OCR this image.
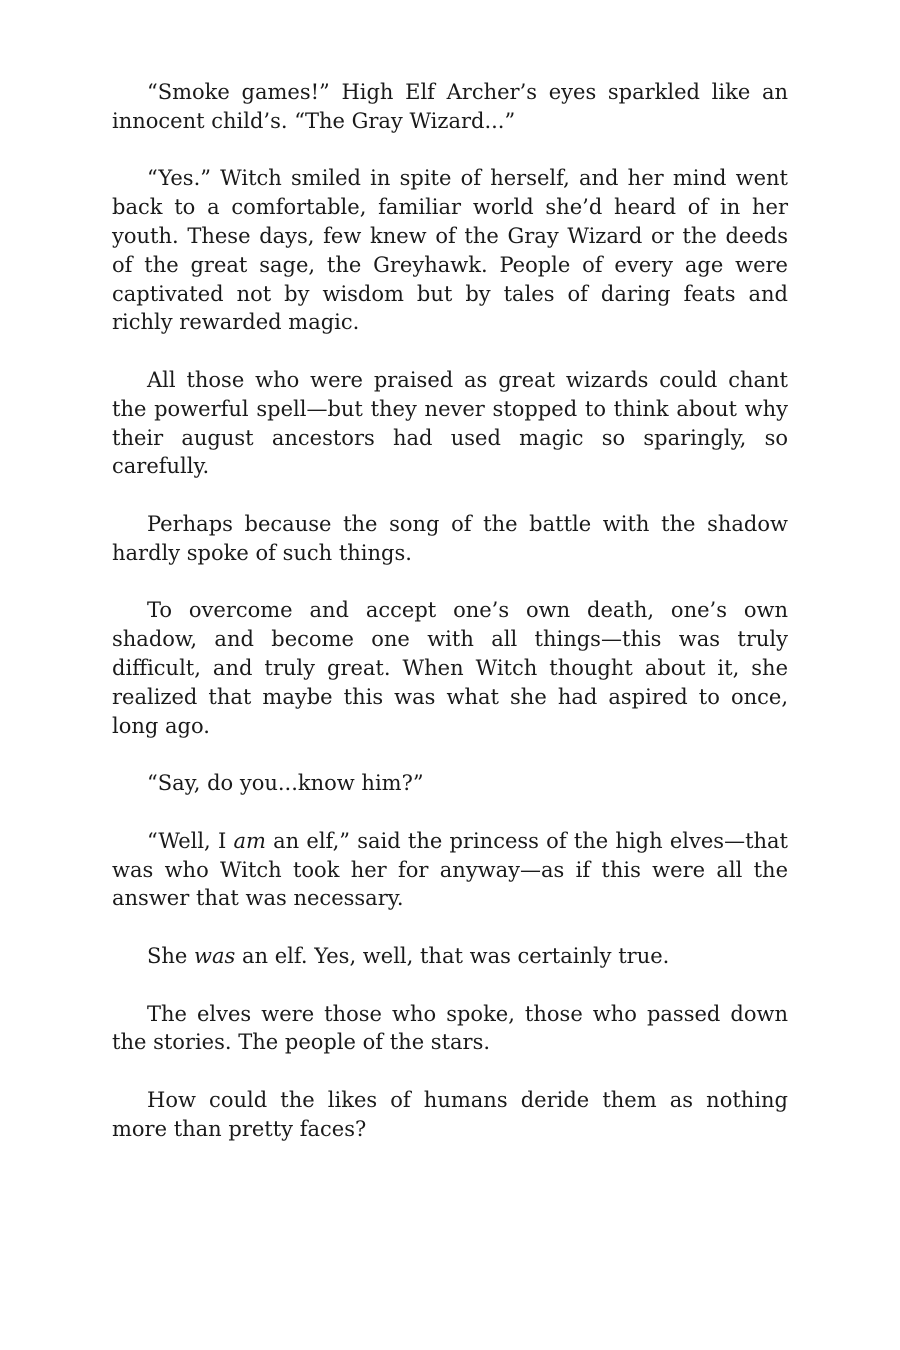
“Smoke games!” High Elf Archer’s eyes sparkled like an innocent child’s. “The Gray Wizard...”

“Yes.” Witch smiled in spite of herself, and her mind went back to a comfortable, familiar world she’d heard of in her youth. These days, few knew of the Gray Wizard or the deeds of the great sage, the Greyhawk. People of every age were captivated not by wisdom but by tales of daring feats and richly rewarded magic.

All those who were praised as great wizards could chant the powerful spell—but they never stopped to think about why their august ancestors had used magic so sparingly, so carefully.

Perhaps because the song of the battle with the shadow hardly spoke of such things.

To overcome and accept one’s own death, one’s own shadow, and become one with all things—this was truly difficult, and truly great. When Witch thought about it, she realized that maybe this was what she had aspired to once, long ago.

“Say, do you...know him?”

“Well, I am an elf,” said the princess of the high elves—that was who Witch took her for anyway—as if this were all the answer that was necessary.

She was an elf. Yes, well, that was certainly true.

The elves were those who spoke, those who passed down the stories. The people of the stars.

How could the likes of humans deride them as nothing more than pretty faces?
